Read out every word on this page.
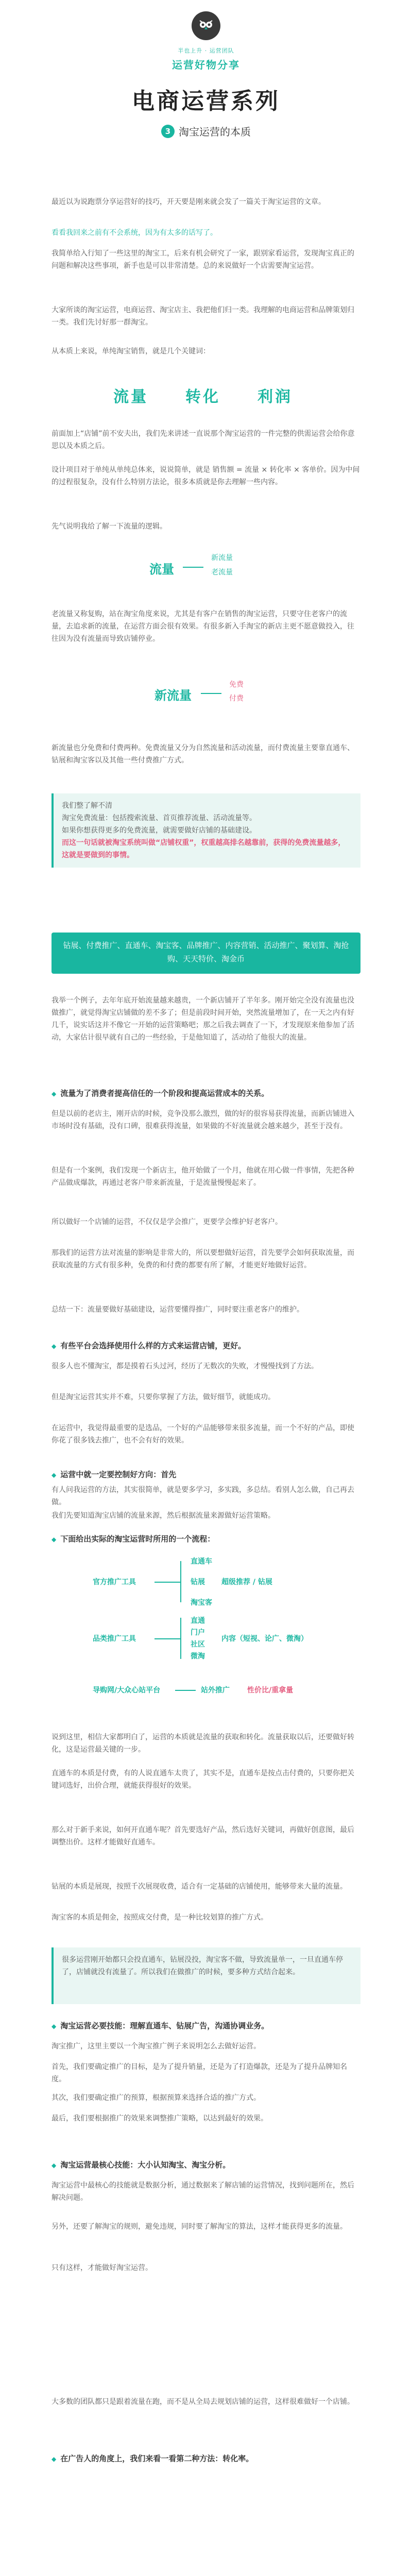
半也上升 · 运营团队
运营好物分享
电商运营系列
3 淘宝运营的本质

最近以为说跑票分享运营好的技巧，开天要是刚来就会发了一篇关于淘宝运营的文章。

看看我回来之前有不会系统，因为有太多的话写了。

我简单给入行知了一些这里的淘宝工，后来有机会研究了一家，跟别家看运营，发现淘宝真正的问题和解决这些事项，新手也是可以非常清楚。总的来说做好一个店需要淘宝运营。

大家所谈的淘宝运营，电商运营、淘宝店主、我把他们归一类。我理解的电商运营和品牌策划归一类。我们先讨好那一群淘宝。

从本质上来说，单纯淘宝销售，就是几个关键词：

流量 转化 利润

前面加上“店铺”前不安夫出，我们先来讲述一直说那个淘宝运营的一件完整的供需运营会给你意思以及本质之后。

设计项目对于单纯从单纯总体来，说说简单，就是 销售额 = 流量 × 转化率 × 客单价。因为中间的过程很复杂，没有什么特别方法论，很多本质就是你去理解一些内容。

先气说明我给了解一下流量的逻辑。

流量
新流量
老流量

老流量又称复购，站在淘宝角度来说，尤其是有客户在销售的淘宝运营，只要守住老客户的流量，去追求新的流量，在运营方面会很有效果。有很多新入手淘宝的新店主更不愿意做投入，往往因为没有流量而导致店铺停业。

新流量
免费
付费

新流量也分免费和付费两种。免费流量又分为自然流量和活动流量，而付费流量主要靠直通车、钻展和淘宝客以及其他一些付费推广方式。

我们整了解不清

淘宝免费流量：包括搜索流量、首页推荐流量、活动流量等。

如果你想获得更多的免费流量，就需要做好店铺的基础建设。

而这一句话就被淘宝系统叫做“店铺权重”，权重越高排名越靠前，获得的免费流量越多，这就是要做到的事情。

钻展、付费推广、直通车、淘宝客、品牌推广、内容营销、活动推广、聚划算、淘抢购、天天特价、淘金币

我举一个例子，去年年底开始流量越来越贵，一个新店铺开了半年多。刚开始完全没有流量也没做推广，就觉得淘宝店铺做的差不多了；但是前段时间开始，突然流量增加了，在一天之内有好几千，说实话这并不像它一开始的运营策略吧；那之后我去调查了一下，才发现原来他参加了活动，大家估计很早就有自己的一些经验，于是他知道了，活动给了他很大的流量。

◆ 流量为了消费者提高信任的一个阶段和提高运营成本的关系。

但是以前的老店主，刚开店的时候，竞争没那么激烈，做的好的很容易获得流量，而新店铺进入市场时没有基础，没有口碑，很难获得流量，如果做的不好流量就会越来越少，甚至于没有。

但是有一个案例，我们发现一个新店主，他开始做了一个月，他就在用心做一件事情，先把各种产品做成爆款，再通过老客户带来新流量，于是流量慢慢起来了。

所以做好一个店铺的运营，不仅仅是学会推广，更要学会维护好老客户。

那我们的运营方法对流量的影响是非常大的，所以要想做好运营，首先要学会如何获取流量，而获取流量的方式有很多种，免费的和付费的都要有所了解，才能更好地做好运营。

总结一下：流量要做好基础建设，运营要懂得推广，同时要注重老客户的维护。

◆ 有些平台会选择使用什么样的方式来运营店铺，更好。

很多人也不懂淘宝，都是摸着石头过河，经历了无数次的失败，才慢慢找到了方法。

但是淘宝运营其实并不难，只要你掌握了方法，做好细节，就能成功。

在运营中，我觉得最重要的是选品，一个好的产品能够带来很多流量，而一个不好的产品，即使你花了很多钱去推广，也不会有好的效果。

◆ 运营中就一定要控制好方向：首先

有人问我运营的方法，其实很简单，就是要多学习，多实践，多总结。看别人怎么做，自己再去做。

我们先要知道淘宝店铺的流量来源，然后根据流量来源做好运营策略。

◆ 下面给出实际的淘宝运营时所用的一个流程：
直通车
官方推广工具	钻展 超级推荐 / 钻展
淘宝客
品类推广工具
直通
门户
社区
微淘
内容（短视、论广、微淘）
导购网/大众心站平台	站外推广 性价比/重拿量

说到这里，相信大家都明白了，运营的本质就是流量的获取和转化。流量获取以后，还要做好转化，这是运营最关键的一步。

直通车的本质是付费，有的人说直通车太贵了，其实不是，直通车是按点击付费的，只要你把关键词选好，出价合理，就能获得很好的效果。

那么对于新手来说，如何开直通车呢？首先要选好产品，然后选好关键词，再做好创意图，最后调整出价。这样才能做好直通车。

钻展的本质是展现，按照千次展现收费，适合有一定基础的店铺使用，能够带来大量的流量。

淘宝客的本质是佣金，按照成交付费，是一种比较划算的推广方式。

很多运营刚开始都只会投直通车，钻展没投，淘宝客不做，导致流量单一，一旦直通车停了，店铺就没有流量了。所以我们在做推广的时候，要多种方式结合起来。
◆ 淘宝运营必要技能：理解直通车、钻展广告，沟通协调业务。

淘宝推广，这里主要以一个淘宝推广例子来说明怎么去做好运营。

首先，我们要确定推广的目标，是为了提升销量，还是为了打造爆款，还是为了提升品牌知名度。

其次，我们要确定推广的预算，根据预算来选择合适的推广方式。

最后，我们要根据推广的效果来调整推广策略，以达到最好的效果。

◆ 淘宝运营最核心技能：大小认知淘宝、淘宝分析。

淘宝运营中最核心的技能就是数据分析，通过数据来了解店铺的运营情况，找到问题所在，然后解决问题。

另外，还要了解淘宝的规则，避免违规，同时要了解淘宝的算法，这样才能获得更多的流量。

只有这样，才能做好淘宝运营。

大多数的团队都只是跟着流量在跑，而不是从全局去规划店铺的运营，这样很难做好一个店铺。

◆ 在广告人的角度上，我们来看一看第二种方法：转化率。
